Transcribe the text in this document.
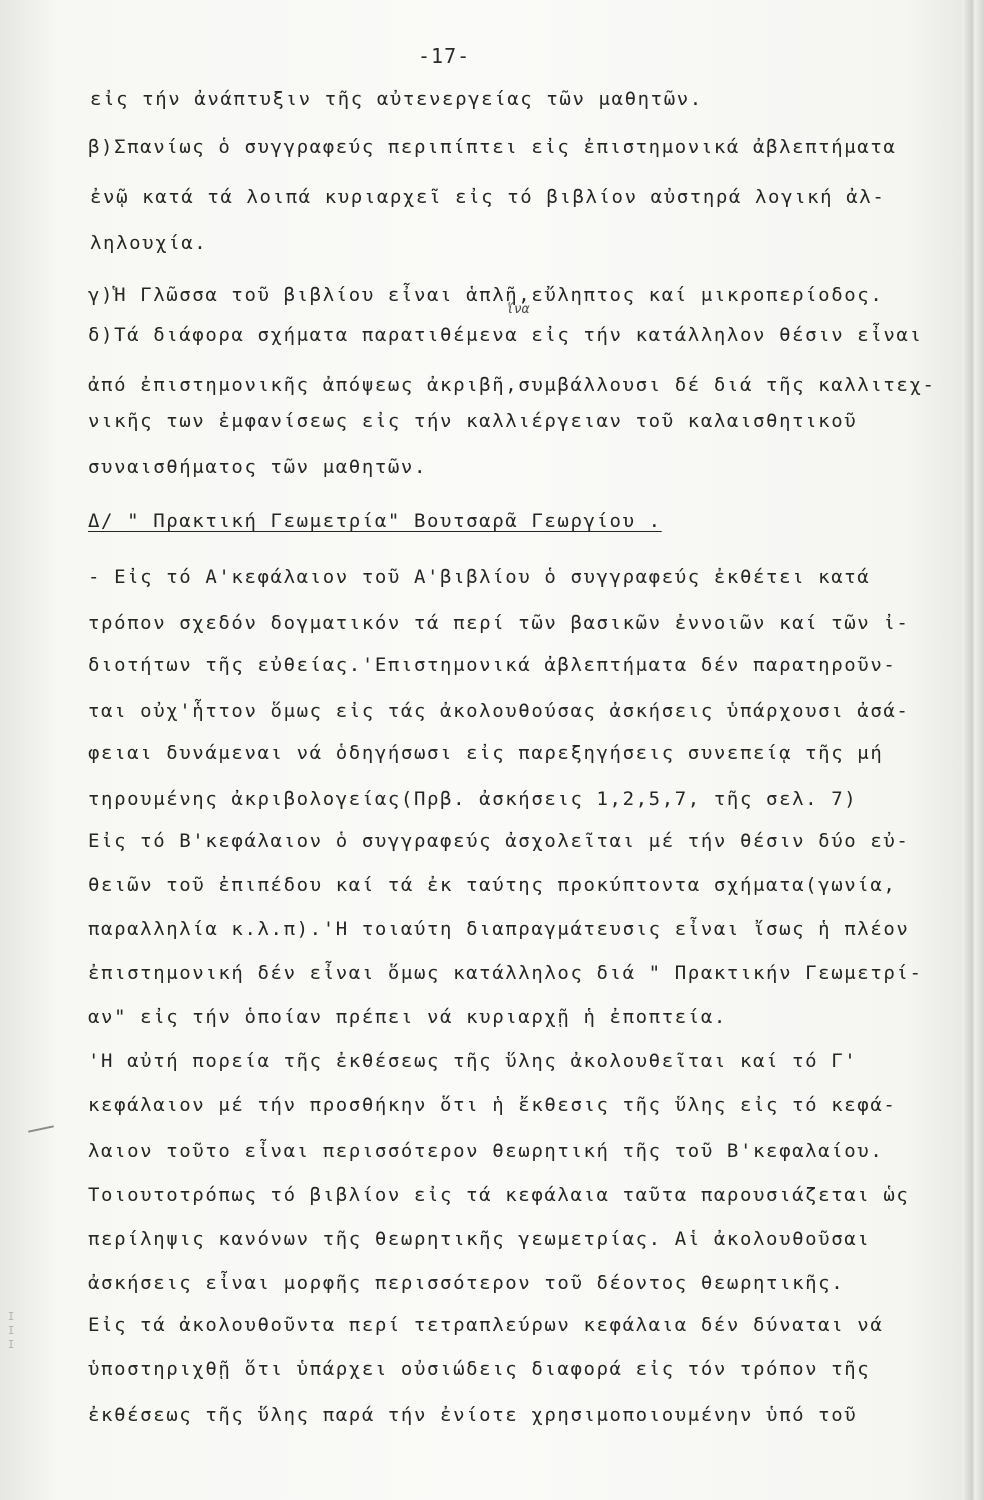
-17-
εἰς τήν ἀνάπτυξιν τῆς αὐτενεργείας τῶν μαθητῶν.
β)Σπανίως ὁ συγγραφεύς περιπίπτει εἰς ἐπιστημονικά ἀβλεπτήματα
ἐνῷ κατά τά λοιπά κυριαρχεῖ εἰς τό βιβλίον αὐστηρά λογική ἀλ-
ληλουχία.
γ)Ἡ Γλῶσσα τοῦ βιβλίου εἶναι ἁπλῆ,εὔληπτος καί μικροπερίοδος.
δ)Τά διάφορα σχήματα παρατιθέμενα εἰς τήν κατάλληλον θέσιν εἶναι
ἀπό ἐπιστημονικῆς ἀπόψεως ἀκριβῆ,συμβάλλουσι δέ διά τῆς καλλιτεχ-
νικῆς των ἐμφανίσεως εἰς τήν καλλιέργειαν τοῦ καλαισθητικοῦ
συναισθήματος τῶν μαθητῶν.
Δ/ " Πρακτική Γεωμετρία" Βουτσαρᾶ Γεωργίου .
- Εἰς τό Α'κεφάλαιον τοῦ Α'βιβλίου ὁ συγγραφεύς ἐκθέτει κατά
τρόπον σχεδόν δογματικόν τά περί τῶν βασικῶν ἐννοιῶν καί τῶν ἰ-
διοτήτων τῆς εὐθείας.'Επιστημονικά ἀβλεπτήματα δέν παρατηροῦν-
ται οὐχ'ἧττον ὅμως εἰς τάς ἀκολουθούσας ἀσκήσεις ὑπάρχουσι ἀσά-
φειαι δυνάμεναι νά ὁδηγήσωσι εἰς παρεξηγήσεις συνεπείᾳ τῆς μή
τηρουμένης ἀκριβολογείας(Πρβ. ἀσκήσεις 1,2,5,7, τῆς σελ. 7)
Εἰς τό Β'κεφάλαιον ὁ συγγραφεύς ἀσχολεῖται μέ τήν θέσιν δύο εὐ-
θειῶν τοῦ ἐπιπέδου καί τά ἐκ ταύτης προκύπτοντα σχήματα(γωνία,
παραλληλία κ.λ.π).'Η τοιαύτη διαπραγμάτευσις εἶναι ἴσως ἡ πλέον
ἐπιστημονική δέν εἶναι ὅμως κατάλληλος διά " Πρακτικήν Γεωμετρί-
αν" εἰς τήν ὁποίαν πρέπει νά κυριαρχῇ ἡ ἐποπτεία.
'Η αὐτή πορεία τῆς ἐκθέσεως τῆς ὕλης ἀκολουθεῖται καί τό Γ'
κεφάλαιον μέ τήν προσθήκην ὅτι ἡ ἔκθεσις τῆς ὕλης εἰς τό κεφά-
λαιον τοῦτο εἶναι περισσότερον θεωρητική τῆς τοῦ Β'κεφαλαίου.
Τοιουτοτρόπως τό βιβλίον εἰς τά κεφάλαια ταῦτα παρουσιάζεται ὡς
περίληψις κανόνων τῆς θεωρητικῆς γεωμετρίας. Αἱ ἀκολουθοῦσαι
ἀσκήσεις εἶναι μορφῆς περισσότερον τοῦ δέοντος θεωρητικῆς.
Εἰς τά ἀκολουθοῦντα περί τετραπλεύρων κεφάλαια δέν δύναται νά
ὑποστηριχθῇ ὅτι ὑπάρχει οὐσιώδεις διαφορά εἰς τόν τρόπον τῆς
ἐκθέσεως τῆς ὕλης παρά τήν ἐνίοτε χρησιμοποιουμένην ὑπό τοῦ
ἵνα
I I I
